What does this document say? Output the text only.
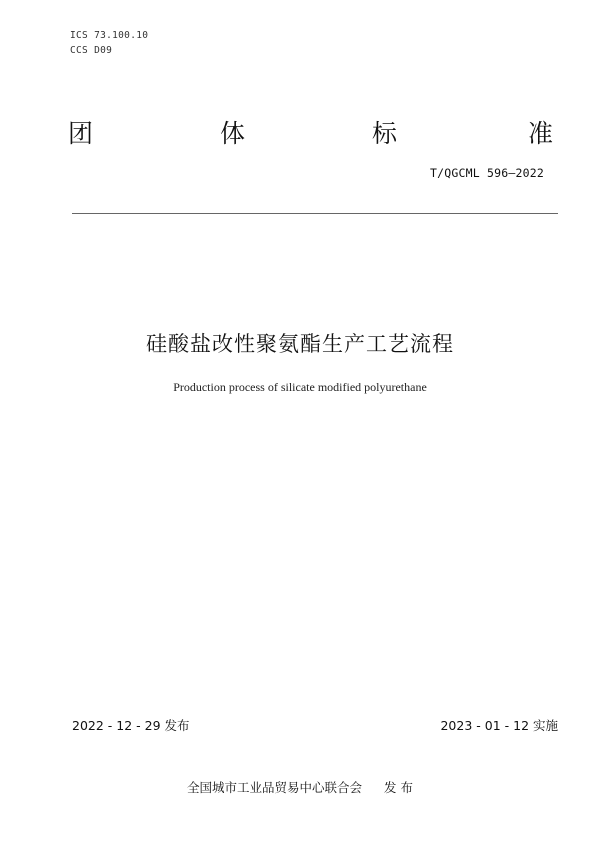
ICS 73.100.10
CCS D09
团	体	标	准
T/QGCML 596—2022
硅酸盐改性聚氨酯生产工艺流程
Production process of silicate modified polyurethane
2022 - 12 - 29 发布	2023 - 01 - 12 实施
全国城市工业品贸易中心联合会 发 布
